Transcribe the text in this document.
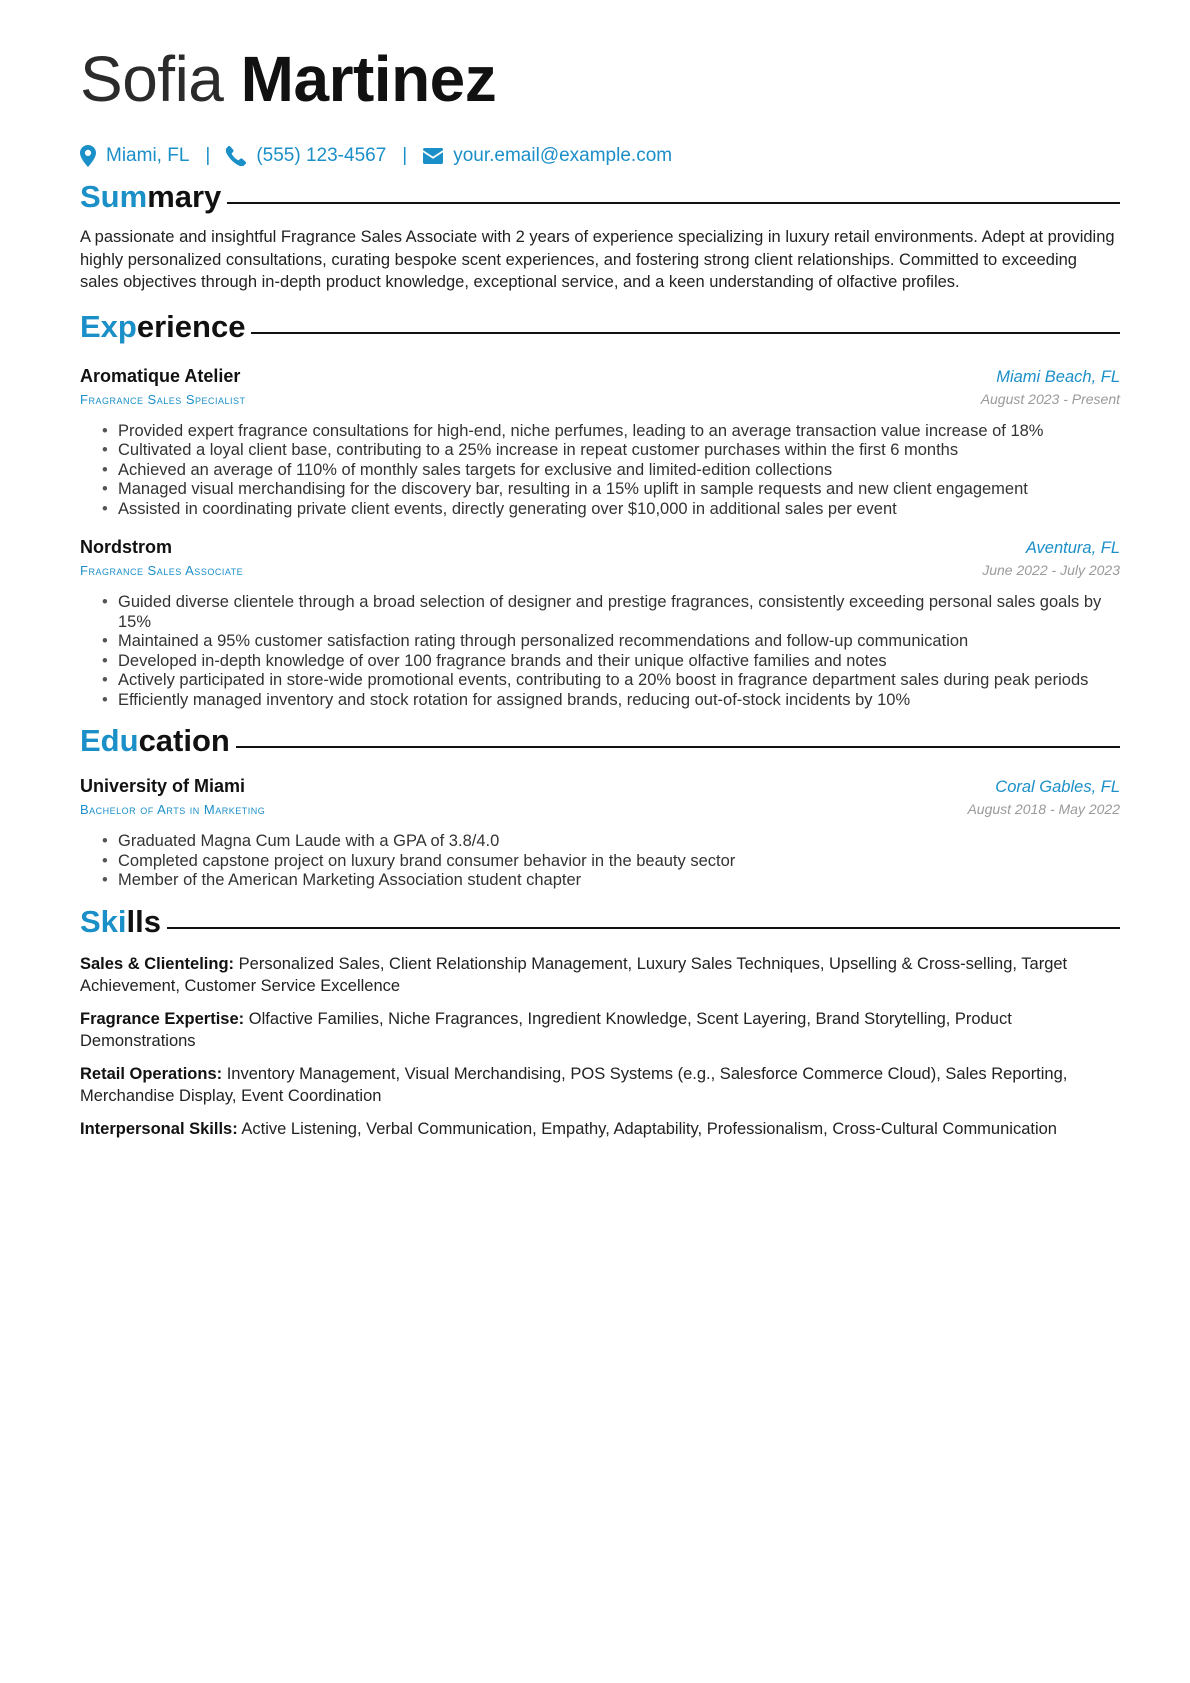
Sofia Martinez
Miami, FL | (555) 123-4567 | your.email@example.com
Summary

A passionate and insightful Fragrance Sales Associate with 2 years of experience specializing in luxury retail environments. Adept at providing highly personalized consultations, curating bespoke scent experiences, and fostering strong client relationships. Committed to exceeding sales objectives through in-depth product knowledge, exceptional service, and a keen understanding of olfactive profiles.

Experience
Aromatique Atelier	Miami Beach, FL
Fragrance Sales Specialist	August 2023 - Present
• Provided expert fragrance consultations for high-end, niche perfumes, leading to an average transaction value increase of 18%
• Cultivated a loyal client base, contributing to a 25% increase in repeat customer purchases within the first 6 months
• Achieved an average of 110% of monthly sales targets for exclusive and limited-edition collections
• Managed visual merchandising for the discovery bar, resulting in a 15% uplift in sample requests and new client engagement
• Assisted in coordinating private client events, directly generating over $10,000 in additional sales per event
Nordstrom	Aventura, FL
Fragrance Sales Associate	June 2022 - July 2023
• Guided diverse clientele through a broad selection of designer and prestige fragrances, consistently exceeding personal sales goals by 15%
• Maintained a 95% customer satisfaction rating through personalized recommendations and follow-up communication
• Developed in-depth knowledge of over 100 fragrance brands and their unique olfactive families and notes
• Actively participated in store-wide promotional events, contributing to a 20% boost in fragrance department sales during peak periods
• Efficiently managed inventory and stock rotation for assigned brands, reducing out-of-stock incidents by 10%
Education
University of Miami	Coral Gables, FL
Bachelor of Arts in Marketing	August 2018 - May 2022
• Graduated Magna Cum Laude with a GPA of 3.8/4.0
• Completed capstone project on luxury brand consumer behavior in the beauty sector
• Member of the American Marketing Association student chapter
Skills
Sales & Clienteling: Personalized Sales, Client Relationship Management, Luxury Sales Techniques, Upselling & Cross-selling, Target Achievement, Customer Service Excellence
Fragrance Expertise: Olfactive Families, Niche Fragrances, Ingredient Knowledge, Scent Layering, Brand Storytelling, Product Demonstrations
Retail Operations: Inventory Management, Visual Merchandising, POS Systems (e.g., Salesforce Commerce Cloud), Sales Reporting, Merchandise Display, Event Coordination
Interpersonal Skills: Active Listening, Verbal Communication, Empathy, Adaptability, Professionalism, Cross-Cultural Communication
